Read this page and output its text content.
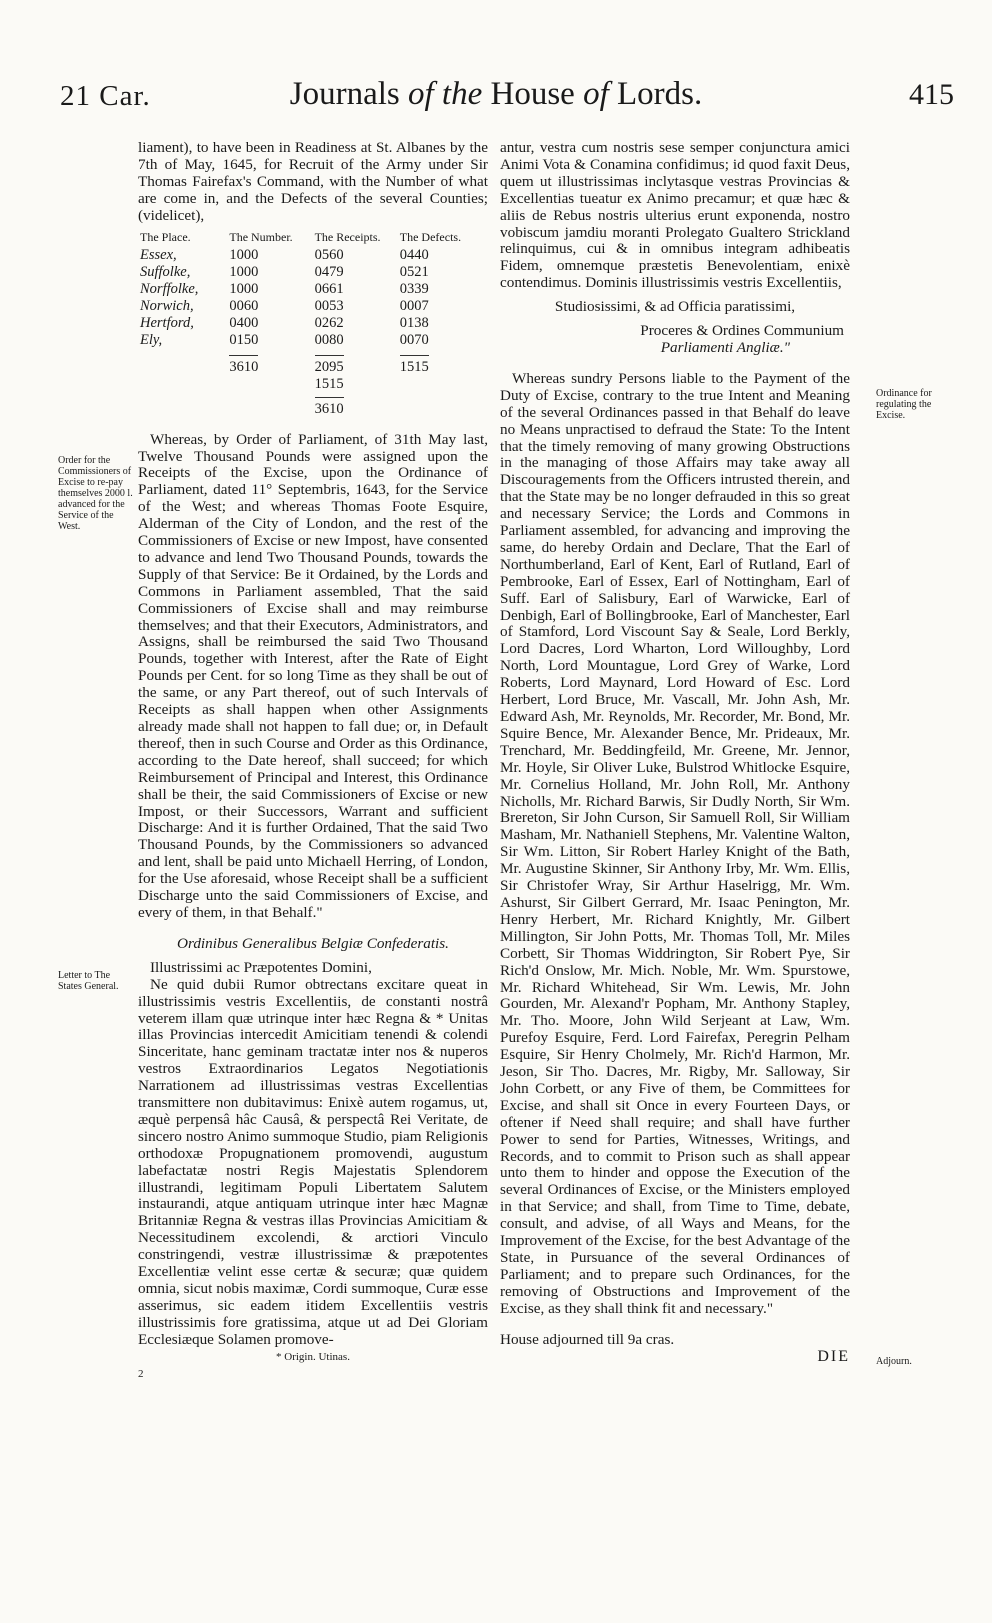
21 Car.	Journals of the House of Lords.	415
Order for the Commissioners of Excise to re-pay themselves 2000 l. advanced for the Service of the West.
Letter to The States General.
Ordinance for regulating the Excise.
Adjourn.

liament), to have been in Readiness at St. Albanes by the 7th of May, 1645, for Recruit of the Army under Sir Thomas Fairefax's Command, with the Number of what are come in, and the Defects of the several Counties; (videlicet),

The Place.	The Number.	The Receipts.	The Defects.
Essex,	1000	0560	0440
Suffolke,	1000	0479	0521
Norffolke,	1000	0661	0339
Norwich,	0060	0053	0007
Hertford,	0400	0262	0138
Ely,	0150	0080	0070
	3610	2095	1515
		1515	
		3610	

Whereas, by Order of Parliament, of 31th May last, Twelve Thousand Pounds were assigned upon the Receipts of the Excise, upon the Ordinance of Parliament, dated 11° Septembris, 1643, for the Service of the West; and whereas Thomas Foote Esquire, Alderman of the City of London, and the rest of the Commissioners of Excise or new Impost, have consented to advance and lend Two Thousand Pounds, towards the Supply of that Service: Be it Ordained, by the Lords and Commons in Parliament assembled, That the said Commissioners of Excise shall and may reimburse themselves; and that their Executors, Administrators, and Assigns, shall be reimbursed the said Two Thousand Pounds, together with Interest, after the Rate of Eight Pounds per Cent. for so long Time as they shall be out of the same, or any Part thereof, out of such Intervals of Receipts as shall happen when other Assignments already made shall not happen to fall due; or, in Default thereof, then in such Course and Order as this Ordinance, according to the Date hereof, shall succeed; for which Reimbursement of Principal and Interest, this Ordinance shall be their, the said Commissioners of Excise or new Impost, or their Successors, Warrant and sufficient Discharge: And it is further Ordained, That the said Two Thousand Pounds, by the Commissioners so advanced and lent, shall be paid unto Michaell Herring, of London, for the Use aforesaid, whose Receipt shall be a sufficient Discharge unto the said Commissioners of Excise, and every of them, in that Behalf."

Ordinibus Generalibus Belgiæ Confederatis.

Illustrissimi ac Præpotentes Domini,

Ne quid dubii Rumor obtrectans excitare queat in illustrissimis vestris Excellentiis, de constanti nostrâ veterem illam quæ utrinque inter hæc Regna & * Unitas illas Provincias intercedit Amicitiam tenendi & colendi Sinceritate, hanc geminam tractatæ inter nos & nuperos vestros Extraordinarios Legatos Negotiationis Narrationem ad illustrissimas vestras Excellentias transmittere non dubitavimus: Enixè autem rogamus, ut, æquè perpensâ hâc Causâ, & perspectâ Rei Veritate, de sincero nostro Animo summoque Studio, piam Religionis orthodoxæ Propugnationem promovendi, augustum labefactatæ nostri Regis Majestatis Splendorem illustrandi, legitimam Populi Libertatem Salutem instaurandi, atque antiquam utrinque inter hæc Magnæ Britanniæ Regna & vestras illas Provincias Amicitiam & Necessitudinem excolendi, & arctiori Vinculo constringendi, vestræ illustrissimæ & præpotentes Excellentiæ velint esse certæ & securæ; quæ quidem omnia, sicut nobis maximæ, Cordi summoque, Curæ esse asserimus, sic eadem itidem Excellentiis vestris illustrissimis fore gratissima, atque ut ad Dei Gloriam Ecclesiæque Solamen promove-

* Origin. Utinas.

2

antur, vestra cum nostris sese semper conjunctura amici Animi Vota & Conamina confidimus; id quod faxit Deus, quem ut illustrissimas inclytasque vestras Provincias & Excellentias tueatur ex Animo precamur; et quæ hæc & aliis de Rebus nostris ulterius erunt exponenda, nostro vobiscum jamdiu moranti Prolegato Gualtero Strickland relinquimus, cui & in omnibus integram adhibeatis Fidem, omnemque præstetis Benevolentiam, enixè contendimus. Dominis illustrissimis vestris Excellentiis,

Studiosissimi, & ad Officia paratissimi,

Proceres & Ordines Communium

Parliamenti Angliæ."

Whereas sundry Persons liable to the Payment of the Duty of Excise, contrary to the true Intent and Meaning of the several Ordinances passed in that Behalf do leave no Means unpractised to defraud the State: To the Intent that the timely removing of many growing Obstructions in the managing of those Affairs may take away all Discouragements from the Officers intrusted therein, and that the State may be no longer defrauded in this so great and necessary Service; the Lords and Commons in Parliament assembled, for advancing and improving the same, do hereby Ordain and Declare, That the Earl of Northumberland, Earl of Kent, Earl of Rutland, Earl of Pembrooke, Earl of Essex, Earl of Nottingham, Earl of Suff. Earl of Salisbury, Earl of Warwicke, Earl of Denbigh, Earl of Bollingbrooke, Earl of Manchester, Earl of Stamford, Lord Viscount Say & Seale, Lord Berkly, Lord Dacres, Lord Wharton, Lord Willoughby, Lord North, Lord Mountague, Lord Grey of Warke, Lord Roberts, Lord Maynard, Lord Howard of Esc. Lord Herbert, Lord Bruce, Mr. Vascall, Mr. John Ash, Mr. Edward Ash, Mr. Reynolds, Mr. Recorder, Mr. Bond, Mr. Squire Bence, Mr. Alexander Bence, Mr. Prideaux, Mr. Trenchard, Mr. Beddingfeild, Mr. Greene, Mr. Jennor, Mr. Hoyle, Sir Oliver Luke, Bulstrod Whitlocke Esquire, Mr. Cornelius Holland, Mr. John Roll, Mr. Anthony Nicholls, Mr. Richard Barwis, Sir Dudly North, Sir Wm. Brereton, Sir John Curson, Sir Samuell Roll, Sir William Masham, Mr. Nathaniell Stephens, Mr. Valentine Walton, Sir Wm. Litton, Sir Robert Harley Knight of the Bath, Mr. Augustine Skinner, Sir Anthony Irby, Mr. Wm. Ellis, Sir Christofer Wray, Sir Arthur Haselrigg, Mr. Wm. Ashurst, Sir Gilbert Gerrard, Mr. Isaac Penington, Mr. Henry Herbert, Mr. Richard Knightly, Mr. Gilbert Millington, Sir John Potts, Mr. Thomas Toll, Mr. Miles Corbett, Sir Thomas Widdrington, Sir Robert Pye, Sir Rich'd Onslow, Mr. Mich. Noble, Mr. Wm. Spurstowe, Mr. Richard Whitehead, Sir Wm. Lewis, Mr. John Gourden, Mr. Alexand'r Popham, Mr. Anthony Stapley, Mr. Tho. Moore, John Wild Serjeant at Law, Wm. Purefoy Esquire, Ferd. Lord Fairefax, Peregrin Pelham Esquire, Sir Henry Cholmely, Mr. Rich'd Harmon, Mr. Jeson, Sir Tho. Dacres, Mr. Rigby, Mr. Salloway, Sir John Corbett, or any Five of them, be Committees for Excise, and shall sit Once in every Fourteen Days, or oftener if Need shall require; and shall have further Power to send for Parties, Witnesses, Writings, and Records, and to commit to Prison such as shall appear unto them to hinder and oppose the Execution of the several Ordinances of Excise, or the Ministers employed in that Service; and shall, from Time to Time, debate, consult, and advise, of all Ways and Means, for the Improvement of the Excise, for the best Advantage of the State, in Pursuance of the several Ordinances of Parliament; and to prepare such Ordinances, for the removing of Obstructions and Improvement of the Excise, as they shall think fit and necessary."

House adjourned till 9a cras.

DIE
